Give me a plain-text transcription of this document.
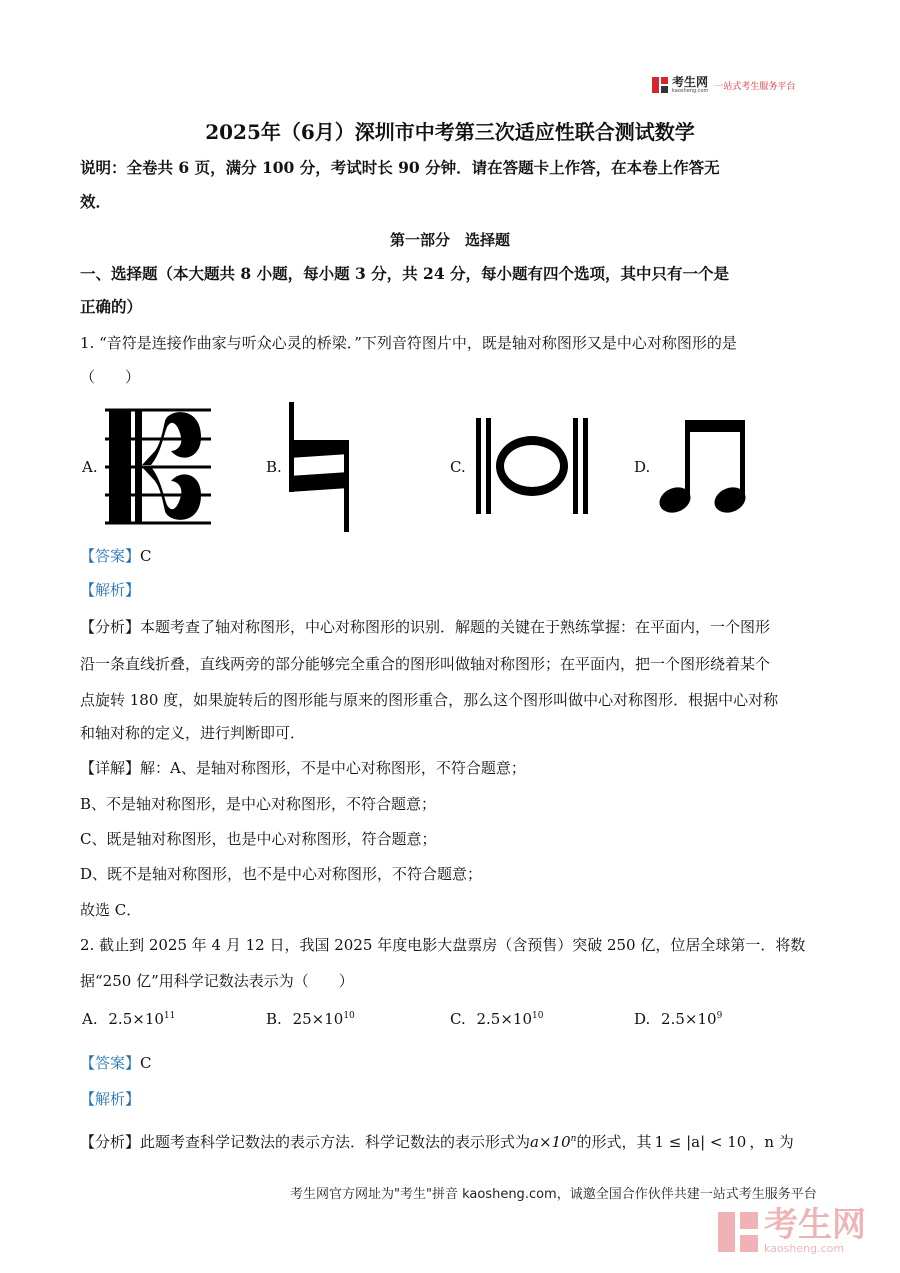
考生网
kaosheng.com 一站式考生服务平台
2025年（6月）深圳市中考第三次适应性联合测试数学
说明：全卷共 6 页，满分 100 分，考试时长 90 分钟．请在答题卡上作答，在本卷上作答无
效．
第一部分　选择题
一、选择题（本大题共 8 小题，每小题 3 分，共 24 分，每小题有四个选项，其中只有一个是
正确的）
1. “音符是连接作曲家与听众心灵的桥梁．”下列音符图片中，既是轴对称图形又是中心对称图形的是
（　　）
A.	B.	C.	D.
【答案】C
【解析】
【分析】本题考查了轴对称图形，中心对称图形的识别．解题的关键在于熟练掌握：在平面内，一个图形
沿一条直线折叠，直线两旁的部分能够完全重合的图形叫做轴对称图形；在平面内，把一个图形绕着某个
点旋转 180 度，如果旋转后的图形能与原来的图形重合，那么这个图形叫做中心对称图形．根据中心对称
和轴对称的定义，进行判断即可．
【详解】解：A、是轴对称图形，不是中心对称图形，不符合题意；
B、不是轴对称图形，是中心对称图形，不符合题意；
C、既是轴对称图形，也是中心对称图形，符合题意；
D、既不是轴对称图形，也不是中心对称图形，不符合题意；
故选 C．
2. 截止到 2025 年 4 月 12 日，我国 2025 年度电影大盘票房（含预售）突破 250 亿，位居全球第一．将数
据“250 亿”用科学记数法表示为（　　）
A. $2.5\times 10^{11}$	B. $25\times 10^{10}$	C. $2.5\times 10^{10}$	D. $2.5\times 10^9$
【答案】C
【解析】
【分析】此题考查科学记数法的表示方法．科学记数法的表示形式为$a\times 10^n$的形式，其 1 ≤ |a| < 10 ，n 为
考生网官方网址为"考生"拼音 kaosheng.com，诚邀全国合作伙伴共建一站式考生服务平台
考生网
kaosheng.com
